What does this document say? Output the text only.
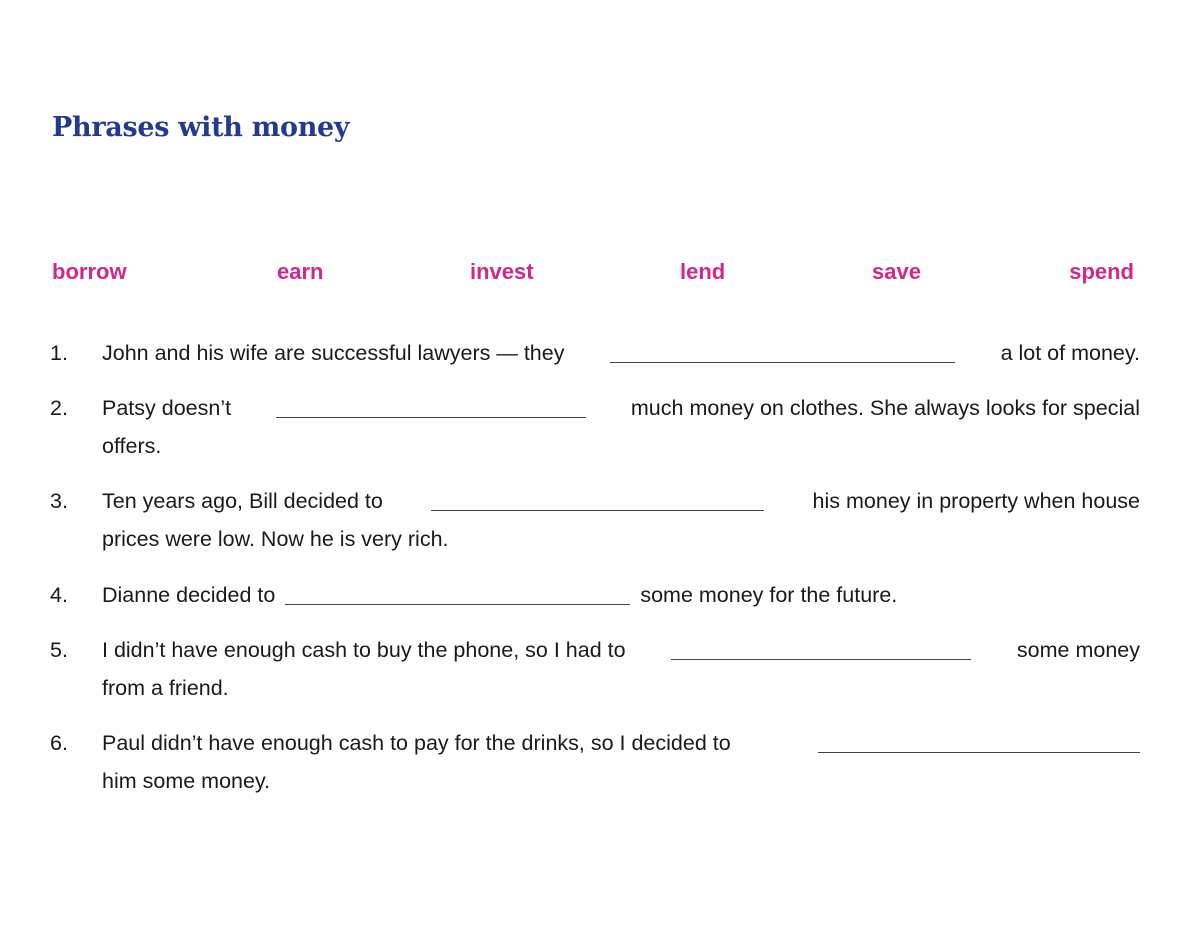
Phrases with money
borrow	earn	invest	lend	save	spend
1.	John and his wife are successful lawyers — they	a lot of money.
2.	Patsy doesn’t	much money on clothes. She always looks for special
offers.
3.	Ten years ago, Bill decided to	his money in property when house
prices were low. Now he is very rich.
4.	Dianne decided to	some money for the future.
5.	I didn’t have enough cash to buy the phone, so I had to	some money
from a friend.
6.	Paul didn’t have enough cash to pay for the drinks, so I decided to
him some money.
